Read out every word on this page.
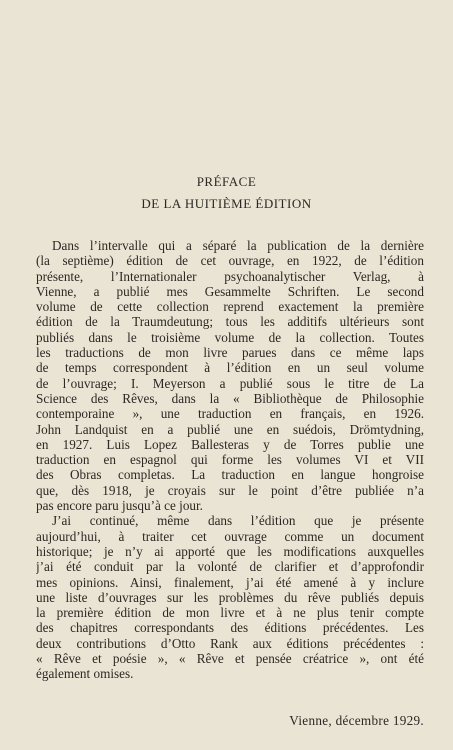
PRÉFACE
DE LA HUITIÈME ÉDITION
Dans l’intervalle qui a séparé la publication de la dernière
(la septième) édition de cet ouvrage, en 1922, de l’édition
présente, l’Internationaler psychoanalytischer Verlag, à
Vienne, a publié mes Gesammelte Schriften. Le second
volume de cette collection reprend exactement la première
édition de la Traumdeutung; tous les additifs ultérieurs sont
publiés dans le troisième volume de la collection. Toutes
les traductions de mon livre parues dans ce même laps
de temps correspondent à l’édition en un seul volume
de l’ouvrage; I. Meyerson a publié sous le titre de La
Science des Rêves, dans la « Bibliothèque de Philosophie
contemporaine », une traduction en français, en 1926.
John Landquist en a publié une en suédois, Drömtydning,
en 1927. Luis Lopez Ballesteras y de Torres publie une
traduction en espagnol qui forme les volumes VI et VII
des Obras completas. La traduction en langue hongroise
que, dès 1918, je croyais sur le point d’être publiée n’a
pas encore paru jusqu’à ce jour.
J’ai continué, même dans l’édition que je présente
aujourd’hui, à traiter cet ouvrage comme un document
historique; je n’y ai apporté que les modifications auxquelles
j’ai été conduit par la volonté de clarifier et d’approfondir
mes opinions. Ainsi, finalement, j’ai été amené à y inclure
une liste d’ouvrages sur les problèmes du rêve publiés depuis
la première édition de mon livre et à ne plus tenir compte
des chapitres correspondants des éditions précédentes. Les
deux contributions d’Otto Rank aux éditions précédentes :
« Rêve et poésie », « Rêve et pensée créatrice », ont été
également omises.
Vienne, décembre 1929.
